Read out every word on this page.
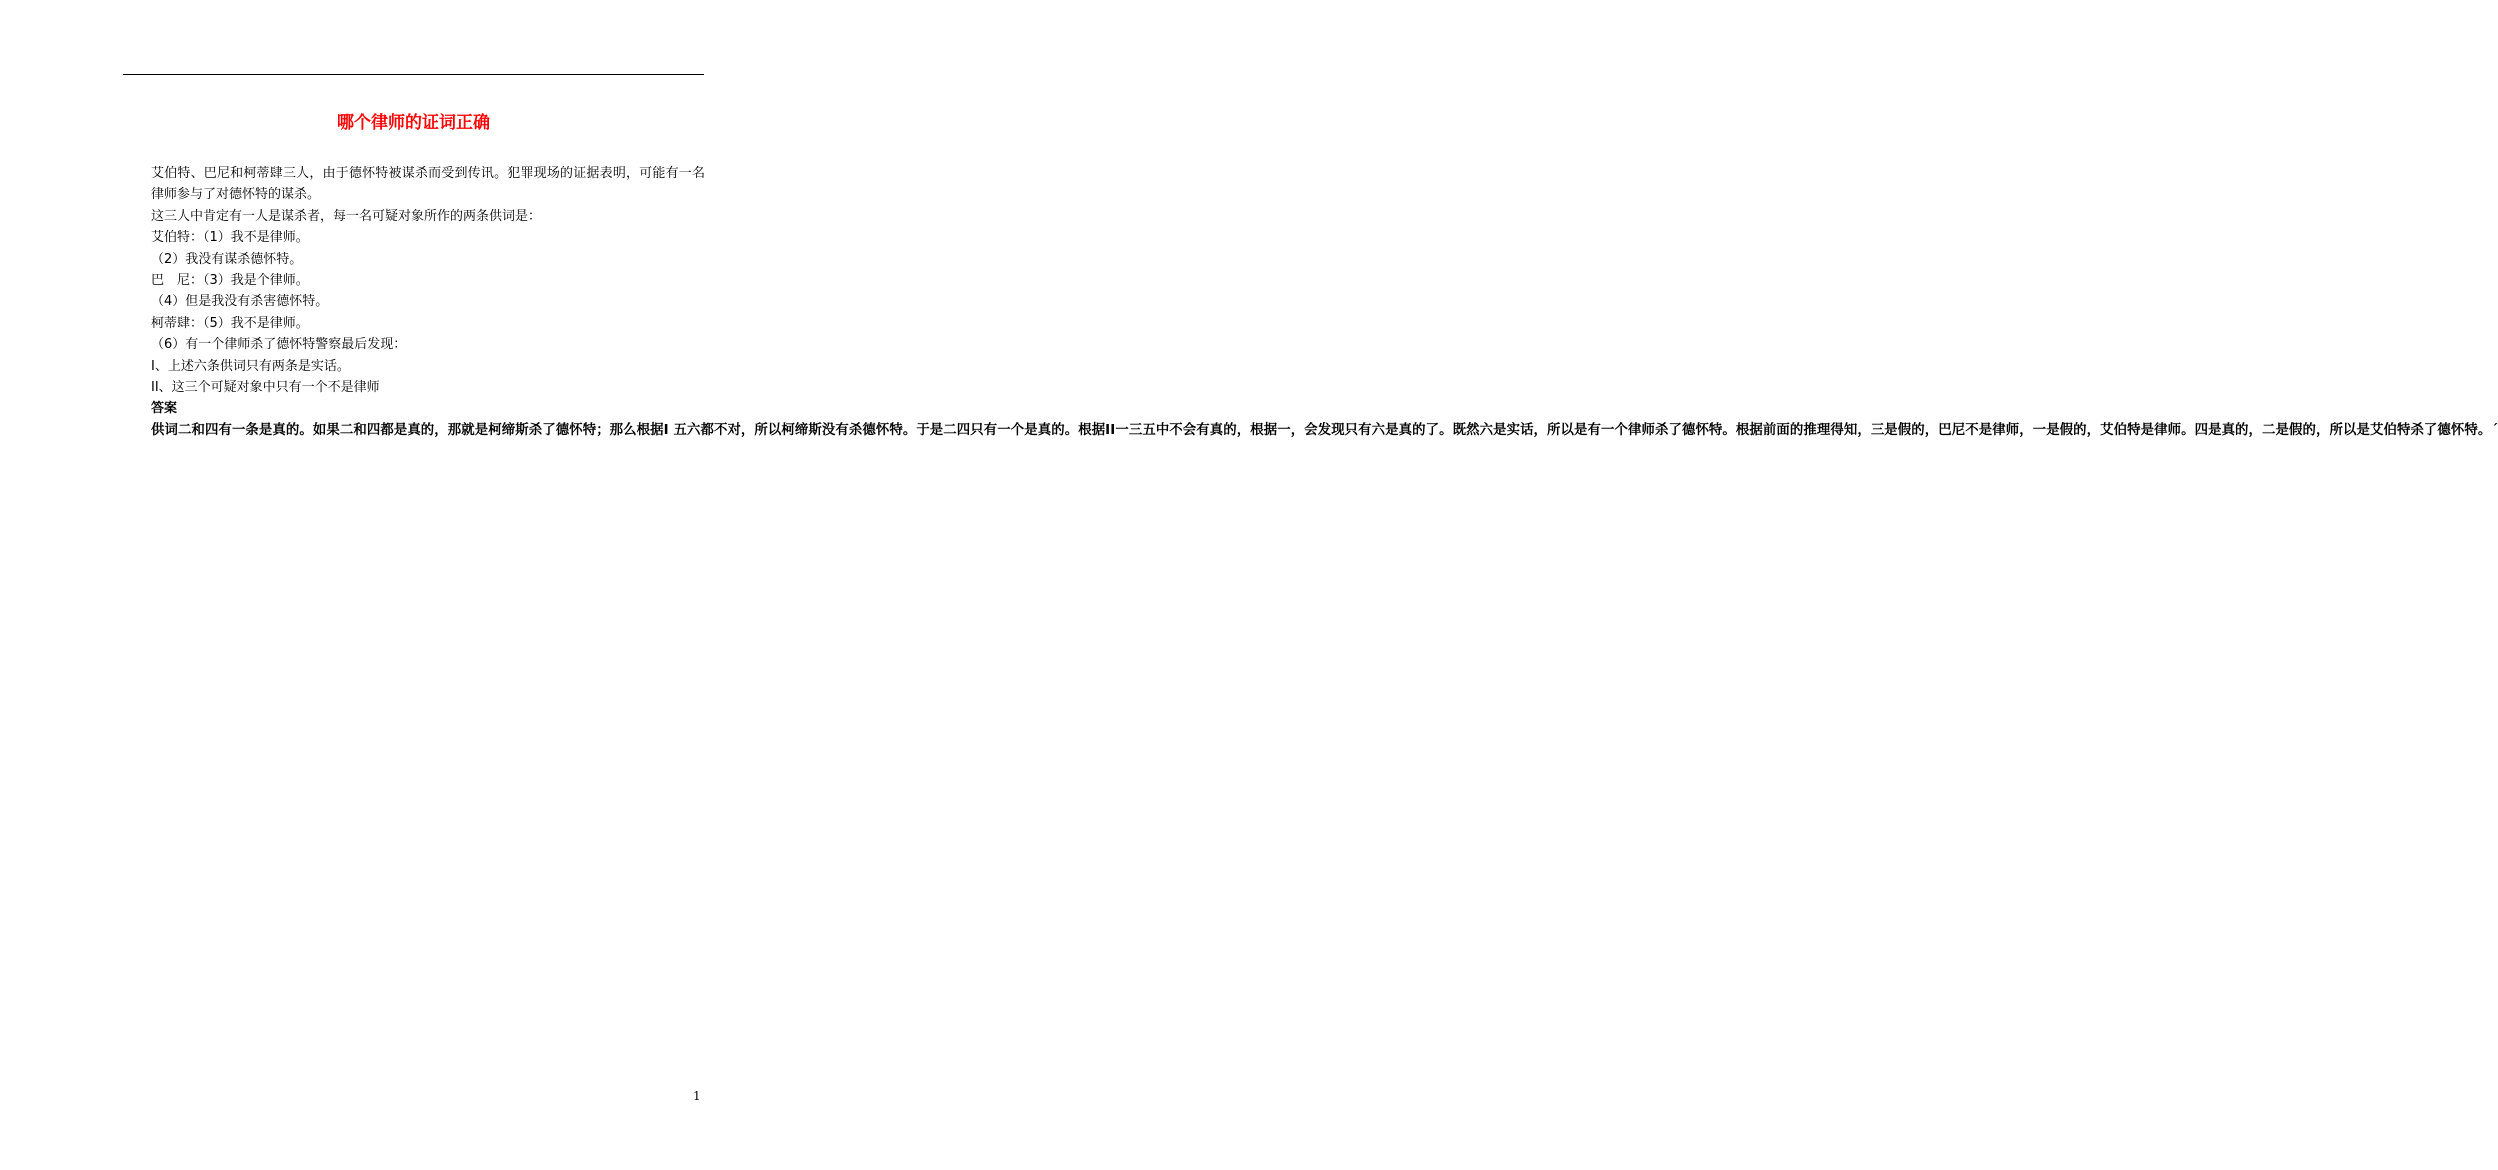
哪个律师的证词正确

艾伯特、巴尼和柯蒂肆三人，由于德怀特被谋杀而受到传讯。犯罪现场的证据表明，可能有一名律师参与了对德怀特的谋杀。

这三人中肯定有一人是谋杀者，每一名可疑对象所作的两条供词是：

艾伯特：（1）我不是律师。

（2）我没有谋杀德怀特。

巴　尼：（3）我是个律师。

（4）但是我没有杀害德怀特。

柯蒂肆：（5）我不是律师。

（6）有一个律师杀了德怀特警察最后发现：

I、上述六条供词只有两条是实话。

II、这三个可疑对象中只有一个不是律师

答案

供词二和四有一条是真的。如果二和四都是真的，那就是柯缔斯杀了德怀特；那么根据I 五六都不对，所以柯缔斯没有杀德怀特。于是二四只有一个是真的。根据II一三五中不会有真的，根据一，会发现只有六是真的了。既然六是实话，所以是有一个律师杀了德怀特。根据前面的推理得知，三是假的，巴尼不是律师，一是假的，艾伯特是律师。四是真的，二是假的，所以是艾伯特杀了德怀特。ˊ

1
